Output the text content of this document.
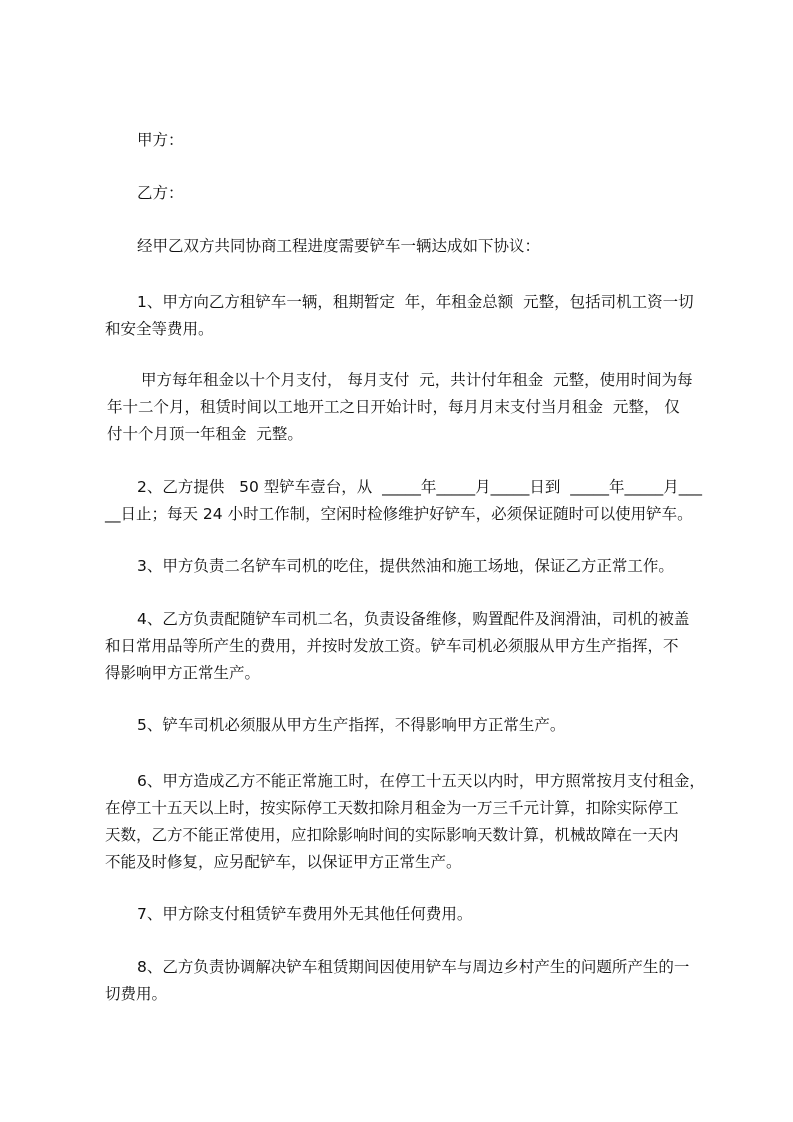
甲方：
乙方：
经甲乙双方共同协商工程进度需要铲车一辆达成如下协议：
1、甲方向乙方租铲车一辆，租期暂定  年，年租金总额  元整，包括司机工资一切
和安全等费用。
甲方每年租金以十个月支付， 每月支付  元，共计付年租金  元整，使用时间为每
年十二个月，租赁时间以工地开工之日开始计时，每月月末支付当月租金  元整， 仅
付十个月顶一年租金  元整。
2、乙方提供   50 型铲车壹台，从  _____年_____月_____日到  _____年_____月___
__日止；每天 24 小时工作制，空闲时检修维护好铲车，必须保证随时可以使用铲车。
3、甲方负责二名铲车司机的吃住，提供然油和施工场地，保证乙方正常工作。
4、乙方负责配随铲车司机二名，负责设备维修，购置配件及润滑油，司机的被盖
和日常用品等所产生的费用，并按时发放工资。铲车司机必须服从甲方生产指挥，不
得影响甲方正常生产。
5、铲车司机必须服从甲方生产指挥，不得影响甲方正常生产。
6、甲方造成乙方不能正常施工时，在停工十五天以内时，甲方照常按月支付租金，
在停工十五天以上时，按实际停工天数扣除月租金为一万三千元计算，扣除实际停工
天数，乙方不能正常使用，应扣除影响时间的实际影响天数计算，机械故障在一天内
不能及时修复，应另配铲车，以保证甲方正常生产。
7、甲方除支付租赁铲车费用外无其他任何费用。
8、乙方负责协调解决铲车租赁期间因使用铲车与周边乡村产生的问题所产生的一
切费用。
